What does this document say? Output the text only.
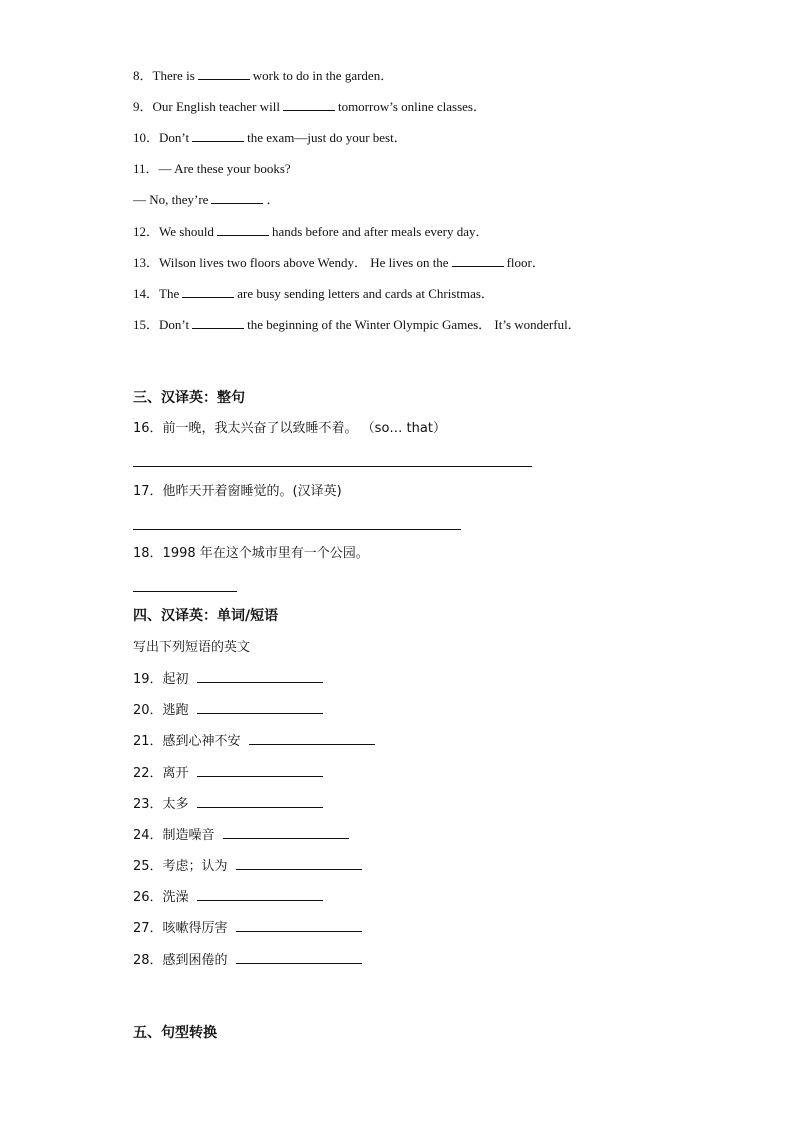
8．There is	work to do in the garden．
9．Our English teacher will	tomorrow’s online classes．
10．Don’t	the exam—just do your best．
11．— Are these your books?
— No, they’re	．
12．We should	hands before and after meals every day．
13．Wilson lives two floors above Wendy． He lives on the	floor．
14．The	are busy sending letters and cards at Christmas．
15．Don’t	the beginning of the Winter Olympic Games． It’s wonderful．
三、汉译英：整句
16．前一晚，我太兴奋了以致睡不着。 （so… that）
17．他昨天开着窗睡觉的。(汉译英)
18．1998 年在这个城市里有一个公园。
四、汉译英：单词/短语
写出下列短语的英文
19．起初
20．逃跑
21．感到心神不安
22．离开
23．太多
24．制造噪音
25．考虑；认为
26．洗澡
27．咳嗽得厉害
28．感到困倦的
五、句型转换
